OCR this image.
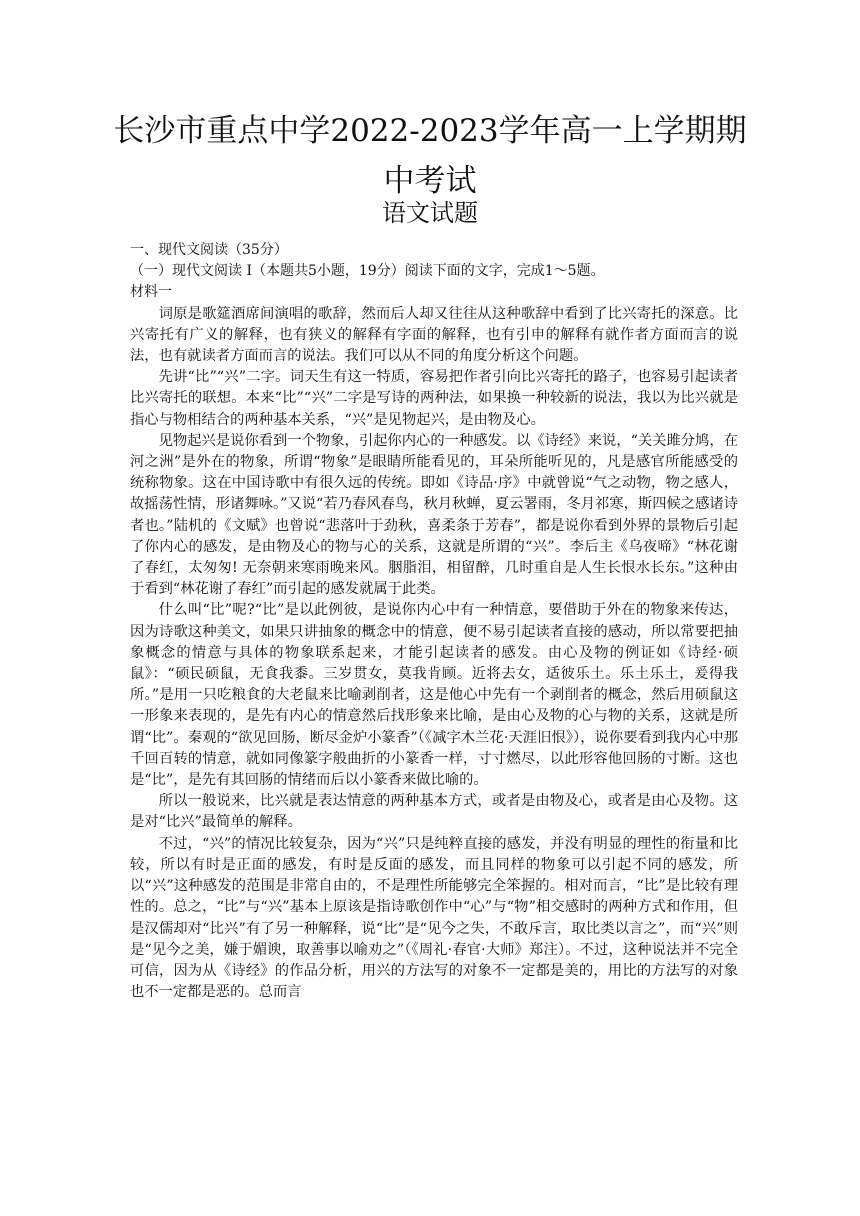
长沙市重点中学2022-2023学年高一上学期期中考试
语文试题

一、现代文阅读（35分）

（一）现代文阅读 I（本题共5小题，19分）阅读下面的文字，完成1～5题。

材料一

词原是歌筵酒席间演唱的歌辞，然而后人却又往往从这种歌辞中看到了比兴寄托的深意。比兴寄托有广义的解释，也有狭义的解释有字面的解释，也有引申的解释有就作者方面而言的说法，也有就读者方面而言的说法。我们可以从不同的角度分析这个问题。

先讲“比”“兴”二字。词天生有这一特质，容易把作者引向比兴寄托的路子，也容易引起读者比兴寄托的联想。本来“比”“兴”二字是写诗的两种法，如果换一种较新的说法，我以为比兴就是指心与物相结合的两种基本关系，“兴”是见物起兴，是由物及心。

见物起兴是说你看到一个物象，引起你内心的一种感发。以《诗经》来说，“关关雎分鸠，在河之洲”是外在的物象，所谓“物象”是眼睛所能看见的，耳朵所能听见的，凡是感官所能感受的统称物象。这在中国诗歌中有很久远的传统。即如《诗品·序》中就曾说“气之动物，物之感人，故摇荡性情，形诸舞咏。”又说“若乃春风春鸟，秋月秋蝉，夏云署雨，冬月祁寒，斯四候之感诸诗者也。”陆机的《文赋》也曾说“悲落叶于劲秋，喜柔条于芳春”，都是说你看到外界的景物后引起了你内心的感发，是由物及心的物与心的关系，这就是所谓的“兴”。李后主《乌夜啼》“林花谢了春红，太匆匆! 无奈朝来寒雨晚来风。胭脂泪，相留醉，几时重自是人生长恨水长东。”这种由于看到“林花谢了春红”而引起的感发就属于此类。

什么叫“比”呢?“比”是以此例彼，是说你内心中有一种情意，要借助于外在的物象来传达，因为诗歌这种美文，如果只讲抽象的概念中的情意，便不易引起读者直接的感动，所以常要把抽象概念的情意与具体的物象联系起来，才能引起读者的感发。由心及物的例证如《诗经·硕鼠》：“硕民硕鼠，无食我黍。三岁贯女，莫我肯顾。近将去女，适彼乐土。乐土乐土，爰得我所。”是用一只吃粮食的大老鼠来比喻剥削者，这是他心中先有一个剥削者的概念，然后用硕鼠这一形象来表现的，是先有内心的情意然后找形象来比喻，是由心及物的心与物的关系，这就是所谓“比”。秦观的“欲见回肠，断尽金炉小篆香”（《减字木兰花·天涯旧恨》），说你要看到我内心中那千回百转的情意，就如同像篆字般曲折的小篆香一样，寸寸燃尽，以此形容他回肠的寸断。这也是“比”，是先有其回肠的情绪而后以小篆香来做比喻的。

所以一般说来，比兴就是表达情意的两种基本方式，或者是由物及心，或者是由心及物。这是对“比兴”最简单的解释。

不过，“兴”的情况比较复杂，因为“兴”只是纯粹直接的感发，并没有明显的理性的衔量和比较，所以有时是正面的感发，有时是反面的感发，而且同样的物象可以引起不同的感发，所以“兴”这种感发的范围是非常自由的，不是理性所能够完全笨握的。相对而言，“比”是比较有理性的。总之，“比”与“兴”基本上原该是指诗歌创作中“心”与“物”相交感时的两种方式和作用，但是汉儒却对“比兴”有了另一种解释，说“比”是“见今之失，不敢斥言，取比类以言之”，而“兴”则是“见今之美，嫌于媚谀，取善事以喻劝之”（《周礼·春官·大师》郑注）。不过，这种说法并不完全可信，因为从《诗经》的作品分析，用兴的方法写的对象不一定都是美的，用比的方法写的对象也不一定都是恶的。总而言
